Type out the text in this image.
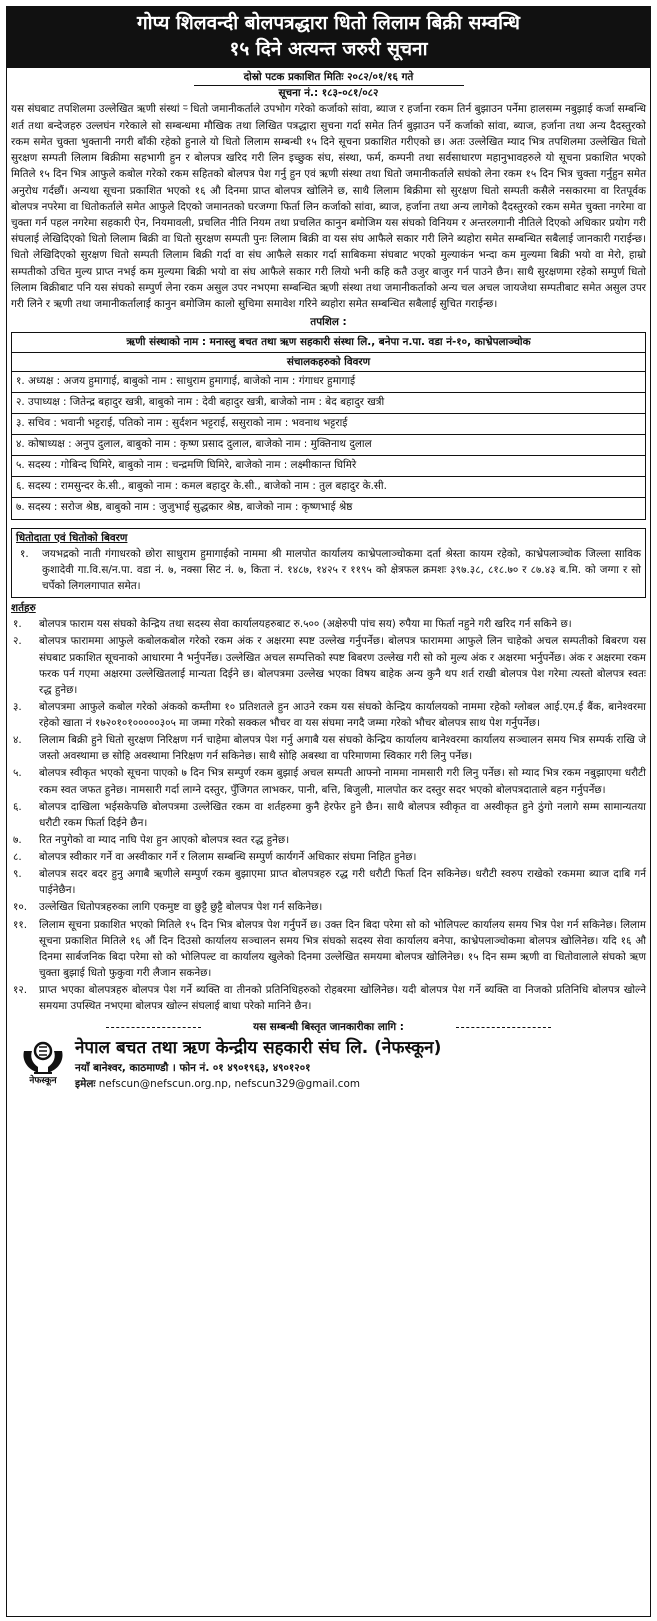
गोप्य शिलवन्दी बोलपत्रद्धारा धितो लिलाम बिक्री सम्वन्धि
१५ दिने अत्यन्त जरुरी सूचना
दोस्रो पटक प्रकाशित मितिः २०८२/०१/१६ गते
सूचना नं.: १८३-०८१/०८२

यस संघबाट तपशिलमा उल्लेखित ऋणी संस्थां र्‍ धितो जमानीकर्ताले उपभोग गरेको कर्जाको सांवा, ब्याज र हर्जाना रकम तिर्न बुझाउन पर्नेमा हालसम्म नबुझाई कर्जा सम्बन्धि शर्त तथा बन्देजहरु उल्लघंन गरेकाले सो सम्बन्धमा मौखिक तथा लिखित पत्रद्धारा सुचना गर्दा समेत तिर्न बुझाउन पर्ने कर्जाको सांवा, ब्याज, हर्जाना तथा अन्य दैदस्तुरको रकम समेत चुक्ता भुक्तानी नगरी बाँकी रहेको हुनाले यो धितो लिलाम सम्बन्धी १५ दिने सूचना प्रकाशित गरीएको छ। अतः उल्लेखित म्याद भित्र तपशिलमा उल्लेखित धितो सुरक्षण सम्पती लिलाम बिक्रीमा सहभागी हुन र बोलपत्र खरिद गरी लिन इच्छुक संघ, संस्था, फर्म, कम्पनी तथा सर्वसाधारण महानुभावहरुले यो सूचना प्रकाशित भएको मितिले १५ दिन भित्र आफुले कबोल गरेको रकम सहितको बोलपत्र पेश गर्नु हुन एवं ऋणी संस्था तथा धितो जमानीकर्ताले सघंको लेना रकम १५ दिन भित्र चुक्ता गर्नुहुन समेत अनुरोध गर्दछौं। अन्यथा सूचना प्रकाशित भएको १६ औ दिनमा प्राप्त बोलपत्र खोलिने छ, साथै लिलाम बिक्रीमा सो सुरक्षण धितो सम्पती कसैले नसकारमा वा रितपूर्वक बोलपत्र नपरेमा वा धितोकर्ताले समेत आफुले दिएको जमानतको घरजग्गा फिर्ता लिन कर्जाको सांवा, ब्याज, हर्जाना तथा अन्य लागेको दैदस्तुरको रकम समेत चुक्ता नगरेमा वा चुक्ता गर्न पहल नगरेमा सहकारी ऐन, नियमावली, प्रचलित नीति नियम तथा प्रचलित कानुन बमोजिम यस संघको विनियम र अन्तरलगानी नीतिले दिएको अधिकार प्रयोग गरी संघलाई लेखिदिएको धितो लिलाम बिक्री वा धितो सुरक्षण सम्पती पुनः लिलाम बिक्री वा यस संघ आफैले सकार गरी लिने ब्यहोरा समेत सम्बन्धित सबैलाई जानकारी गराईन्छ। धितो लेखिदिएको सुरक्षण धितो सम्पती लिलाम बिक्री गर्दा वा संघ आफैले सकार गर्दा साबिकमा संघबाट भएको मुल्याकंन भन्दा कम मुल्यमा बिक्री भयो वा मेरो, हाम्रो सम्पतीको उचित मुल्य प्राप्त नभई कम मुल्यमा बिक्री भयो वा संघ आफैले सकार गरी लियो भनी कहि कतै उजुर बाजुर गर्न पाउने छैन। साथै सुरक्षणमा रहेको सम्पुर्ण धितो लिलाम बिक्रीबाट पनि यस संघको सम्पुर्ण लेना रकम असुल उपर नभएमा सम्बन्धित ऋणी संस्था तथा जमानीकर्ताको अन्य चल अचल जायजेथा सम्पतीबाट समेत असुल उपर गरी लिने र ऋणी तथा जमानीकर्तालाई कानुन बमोजिम कालो सुचिमा समावेश गरिने ब्यहोरा समेत सम्बन्धित सबैलाई सुचित गराईन्छ।

तपशिल :
ऋणी संस्थाको नाम : मनास्लु बचत तथा ऋण सहकारी संस्था लि., बनेपा न.पा. वडा नं-१०, काभ्रेपलाञ्चोक
संचालकहरुको विवरण
१. अध्यक्ष : अजय हुमागाई, बाबुको नाम : साधुराम हुमागाई, बाजेको नाम : गंगाधर हुमागाई
२. उपाध्यक्ष : जितेन्द्र बहादुर खत्री, बाबुको नाम : देवी बहादुर खत्री, बाजेको नाम : बेद बहादुर खत्री
३. सचिव : भवानी भट्टराई, पतिको नाम : सुर्दशन भट्टराई, ससुराको नाम : भवनाथ भट्टराई
४. कोषाध्यक्ष : अनुप दुलाल, बाबुको नाम : कृष्ण प्रसाद दुलाल, बाजेको नाम : मुक्तिनाथ दुलाल
५. सदस्य : गोबिन्द घिमिरे, बाबुको नाम : चन्द्रमणि घिमिरे, बाजेको नाम : लक्ष्मीकान्त घिमिरे
६. सदस्य : रामसुन्दर के.सी., बाबुको नाम : कमल बहादुर के.सी., बाजेको नाम : तुल बहादुर के.सी.
७. सदस्य : सरोज श्रेष्ठ, बाबुको नाम : जुजुभाई सुद्धकार श्रेष्ठ, बाजेको नाम : कृष्णभाई श्रेष्ठ
धितोदाता एवं धितोको बिवरण
१.	जयभद्रको नाती गंगाधरको छोरा साधुराम हुमागाईको नाममा श्री मालपोत कार्यालय काभ्रेपलाञ्चोकमा दर्ता श्रेस्ता कायम रहेको, काभ्रेपलाञ्चोक जिल्ला साविक कुशादेवी गा.वि.स/न.पा. वडा नं. ७, नक्सा सिट नं. ७, किता नं. १४८७, १४२५ र ११९५ को क्षेत्रफल क्रमशः ३९७.३८, ८१८.७० र ८७.४३ ब.मि. को जग्गा र सो चर्पेको लिगलगापात समेत।
शर्तहरु
१.	बोलपत्र फाराम यस संघको केन्द्रिय तथा सदस्य सेवा कार्यालयहरुबाट रु.५०० (अक्षेरुपी पांच सय) रुपैया मा फिर्ता नहुने गरी खरिद गर्न सकिने छ।
२.	बोलपत्र फाराममा आफुले कबोलकबोल गरेको रकम अंक र अक्षरमा स्पष्ट उल्लेख गर्नुपर्नेछ। बोलपत्र फाराममा आफुले लिन चाहेको अचल सम्पतीको बिबरण यस संघबाट प्रकाशित सूचनाको आधारमा नै भर्नुपर्नेछ। उल्लेखित अचल सम्पत्तिको स्पष्ट बिबरण उल्लेख गरी सो को मुल्य अंक र अक्षरमा भर्नुपर्नेछ। अंक र अक्षरमा रकम फरक पर्न गएमा अक्षरमा उल्लेखितलाई मान्यता दिईने छ। बोलपत्रमा उल्लेख भएका विषय बाहेक अन्य कुनै थप शर्त राखी बोलपत्र पेश गरेमा त्यस्तो बोलपत्र स्वतः रद्ध हुनेछ।
३.	बोलपत्रमा आफुले कबोल गरेको अंकको कम्तीमा १० प्रतिशतले हुन आउने रकम यस संघको केन्द्रिय कार्यालयको नाममा रहेको ग्लोबल आई.एम.ई बैंक, बानेश्वरमा रहेको खाता नं १७२०१०१०००००३०५ मा जम्मा गरेको सक्कल भौचर वा यस संघमा नगदै जम्मा गरेको भौचर बोलपत्र साथ पेश गर्नुपर्नेछ।
४.	लिलाम बिक्री हुने धितो सुरक्षण निरिक्षण गर्न चाहेमा बोलपत्र पेश गर्नु अगाबै यस संघको केन्द्रिय कार्यालय बानेश्वरमा कार्यालय सञ्चालन समय भित्र सम्पर्क राखि जे जस्तो अवस्थामा छ सोहि अवस्थामा निरिक्षण गर्न सकिनेछ। साथै सोहि अबस्था वा परिमाणमा स्विकार गरी लिनु पर्नेछ।
५.	बोलपत्र स्वीकृत भएको सूचना पाएको ७ दिन भित्र सम्पुर्ण रकम बुझाई अचल सम्पती आफ्नो नाममा नामसारी गरी लिनु पर्नेछ। सो म्याद भित्र रकम नबुझाएमा धरौटी रकम स्वत जफत हुनेछ। नामसारी गर्दा लाग्ने दस्तुर, पुँजिगत लाभकर, पानी, बत्ति, बिजुली, मालपोत कर दस्तुर सदर भएको बोलपत्रदाताले बहन गर्नुपर्नेछ।
६.	बोलपत्र दाखिला भईसकेपछि बोलपत्रमा उल्लेखित रकम वा शर्तहरुमा कुनै हेरफेर हुने छैन। साथै बोलपत्र स्वीकृत वा अस्वीकृत हुने ठुंगो नलागे सम्म सामान्यतया धरौटी रकम फिर्ता दिईने छैन।
७.	रित नपुगेको वा म्याद नाघि पेश हुन आएको बोलपत्र स्वत रद्ध हुनेछ।
८.	बोलपत्र स्वीकार गर्ने वा अस्वीकार गर्ने र लिलाम सम्बन्धि सम्पुर्ण कार्यगर्ने अधिकार संघमा निहित हुनेछ।
९.	बोलपत्र सदर बदर हुनु अगाबै ऋणीले सम्पुर्ण रकम बुझाएमा प्राप्त बोलपत्रहरु रद्ध गरी धरौटी फिर्ता दिन सकिनेछ। धरौटी स्वरुप राखेको रकममा ब्याज दाबि गर्न पाईनेछैन।
१०.	उल्लेखित धितोपत्रहरुका लागि एकमुष्ट वा छुट्टै छुट्टै बोलपत्र पेश गर्न सकिनेछ।
११.	लिलाम सूचना प्रकाशित भएको मितिले १५ दिन भित्र बोलपत्र पेश गर्नुपर्ने छ। उक्त दिन बिदा परेमा सो को भोलिपल्ट कार्यालय समय भित्र पेश गर्न सकिनेछ। लिलाम सूचना प्रकाशित मितिले १६ औं दिन दिउसो कार्यालय सञ्चालन समय भित्र संघको सदस्य सेवा कार्यालय बनेपा, काभ्रेपलाञ्चोकमा बोलपत्र खोलिनेछ। यदि १६ औ दिनमा सार्बजनिक बिदा परेमा सो को भोलिपल्ट वा कार्यालय खुलेको दिनमा उल्लेखित समयमा बोलपत्र खोलिनेछ। १५ दिन सम्म ऋणी वा धितोवालाले संघको ऋण चुक्ता बुझाई धितो फुकुवा गरी लैजान सकनेछ।
१२.	प्राप्त भएका बोलपत्रहरु बोलपत्र पेश गर्ने ब्यक्ति वा तीनको प्रतिनिधिहरुको रोहबरमा खोलिनेछ। यदी बोलपत्र पेश गर्ने ब्यक्ति वा निजको प्रतिनिधि बोलपत्र खोल्ने समयमा उपस्थित नभएमा बोलपत्र खोल्न संघलाई बाधा परेको मानिने छैन।
यस सम्बन्धी बिस्तृत जानकारीका लागि :
नेफस्कून
नेपाल बचत तथा ऋण केन्द्रीय सहकारी संघ लि. (नेफस्कून)
नयाँ बानेश्वर, काठमाण्डौ । फोन नं. ०१ ४९०१९६३, ४९०१२०१
इमेलः nefscun@nefscun.org.np, nefscun329@gmail.com
